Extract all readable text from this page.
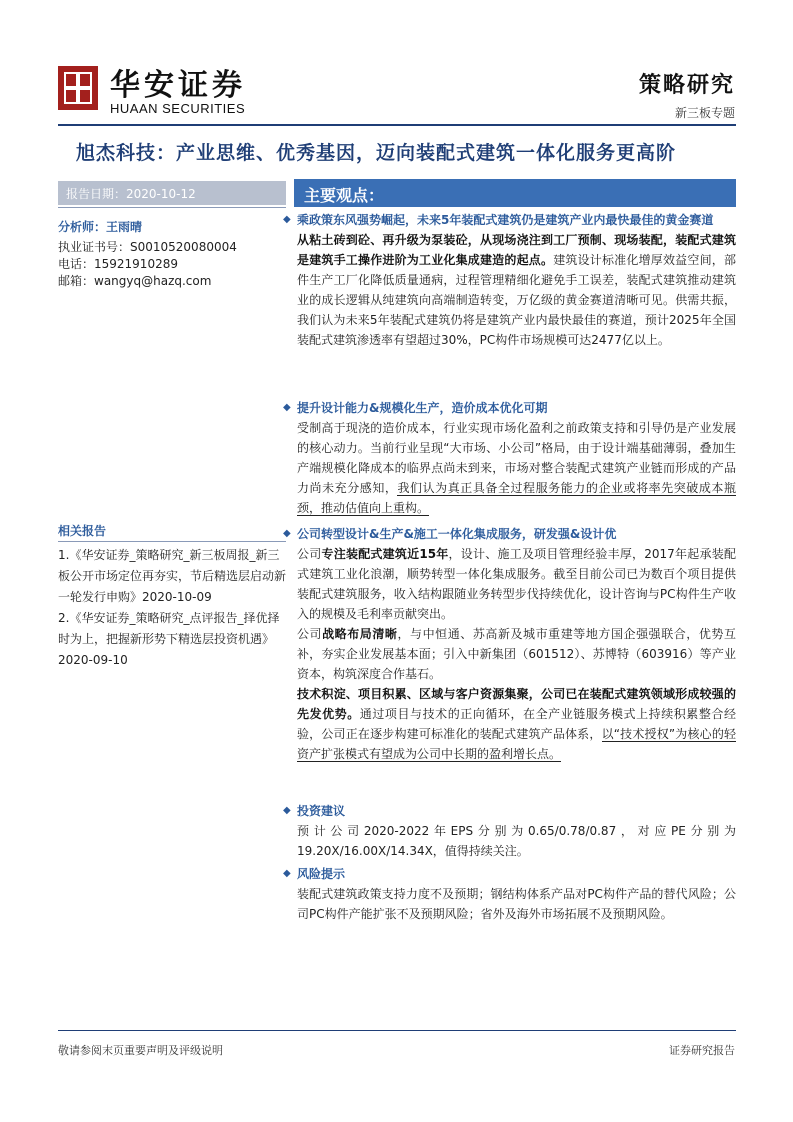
华安证券
HUAAN SECURITIES
策略研究
新三板专题
旭杰科技：产业思维、优秀基因，迈向装配式建筑一体化服务更高阶
报告日期：2020-10-12
分析师：王雨晴
执业证书号：S0010520080004
电话：15921910289
邮箱：wangyq@hazq.com
相关报告

1.《华安证券_策略研究_新三板周报_新三板公开市场定位再夯实，节后精选层启动新一轮发行申购》2020-10-09

2.《华安证券_策略研究_点评报告_择优择时为上，把握新形势下精选层投资机遇》2020-09-10

主要观点：
◆ 乘政策东风强势崛起，未来5年装配式建筑仍是建筑产业内最快最佳的黄金赛道
从粘土砖到砼、再升级为泵装砼，从现场浇注到工厂预制、现场装配，装配式建筑是建筑手工操作进阶为工业化集成建造的起点。建筑设计标准化增厚效益空间，部件生产工厂化降低质量通病，过程管理精细化避免手工误差，装配式建筑推动建筑业的成长逻辑从纯建筑向高端制造转变，万亿级的黄金赛道清晰可见。供需共振，我们认为未来5年装配式建筑仍将是建筑产业内最快最佳的赛道，预计2025年全国装配式建筑渗透率有望超过30%，PC构件市场规模可达2477亿以上。
◆ 提升设计能力&规模化生产，造价成本优化可期
受制高于现浇的造价成本，行业实现市场化盈利之前政策支持和引导仍是产业发展的核心动力。当前行业呈现“大市场、小公司”格局，由于设计端基础薄弱，叠加生产端规模化降成本的临界点尚未到来，市场对整合装配式建筑产业链而形成的产品力尚未充分感知，我们认为真正具备全过程服务能力的企业或将率先突破成本瓶颈，推动估值向上重构。
◆ 公司转型设计&生产&施工一体化集成服务，研发强&设计优
公司专注装配式建筑近15年，设计、施工及项目管理经验丰厚，2017年起承装配式建筑工业化浪潮，顺势转型一体化集成服务。截至目前公司已为数百个项目提供装配式建筑服务，收入结构跟随业务转型步伐持续优化，设计咨询与PC构件生产收入的规模及毛利率贡献突出。
公司战略布局清晰，与中恒通、苏高新及城市重建等地方国企强强联合，优势互补，夯实企业发展基本面；引入中新集团（601512）、苏博特（603916）等产业资本，构筑深度合作基石。
技术积淀、项目积累、区域与客户资源集聚，公司已在装配式建筑领域形成较强的先发优势。通过项目与技术的正向循环，在全产业链服务模式上持续积累整合经验，公司正在逐步构建可标准化的装配式建筑产品体系，以“技术授权”为核心的轻资产扩张模式有望成为公司中长期的盈利增长点。
◆ 投资建议
预计公司2020-2022年EPS分别为0.65/0.78/0.87，对应PE分别为19.20X/16.00X/14.34X，值得持续关注。
◆ 风险提示
装配式建筑政策支持力度不及预期；钢结构体系产品对PC构件产品的替代风险；公司PC构件产能扩张不及预期风险；省外及海外市场拓展不及预期风险。
敬请参阅末页重要声明及评级说明	证券研究报告
